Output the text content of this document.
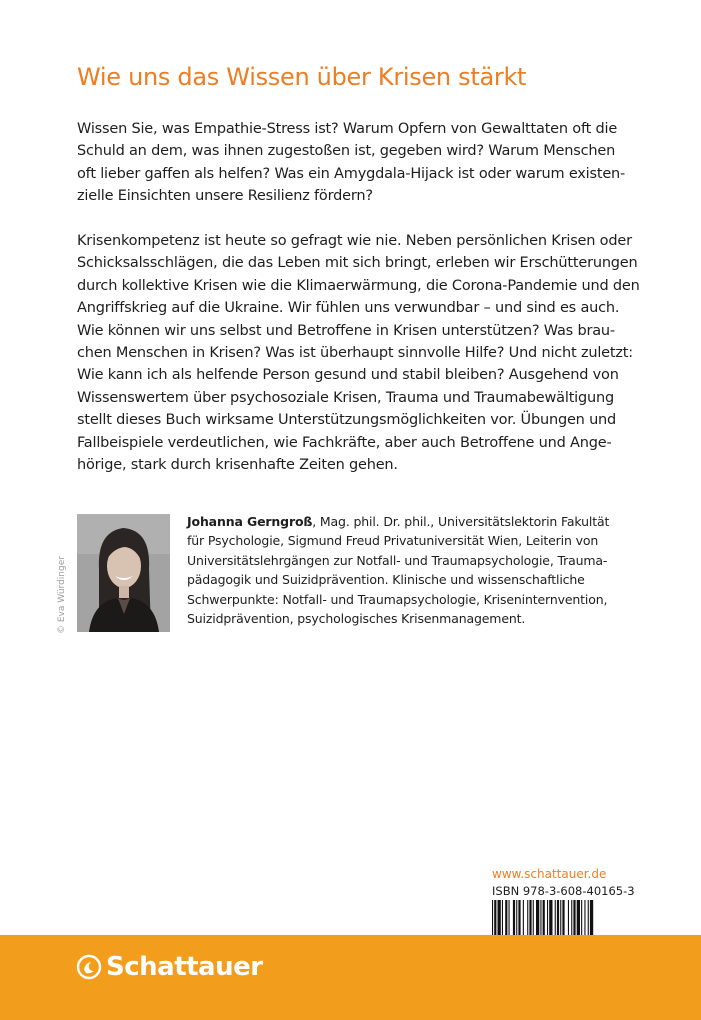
Wie uns das Wissen über Krisen stärkt

Wissen Sie, was Empathie-Stress ist? Warum Opfern von Gewalttaten oft die
Schuld an dem, was ihnen zugestoßen ist, gegeben wird? Warum Menschen
oft lieber gaffen als helfen? Was ein Amygdala-Hijack ist oder warum existen-
zielle Einsichten unsere Resilienz fördern?

Krisenkompetenz ist heute so gefragt wie nie. Neben persönlichen Krisen oder
Schicksalsschlägen, die das Leben mit sich bringt, erleben wir Erschütterungen
durch kollektive Krisen wie die Klimaerwärmung, die Corona-Pandemie und den
Angriffskrieg auf die Ukraine. Wir fühlen uns verwundbar – und sind es auch.
Wie können wir uns selbst und Betroffene in Krisen unterstützen? Was brau-
chen Menschen in Krisen? Was ist überhaupt sinnvolle Hilfe? Und nicht zuletzt:
Wie kann ich als helfende Person gesund und stabil bleiben? Ausgehend von
Wissenswertem über psychosoziale Krisen, Trauma und Traumabewältigung
stellt dieses Buch wirksame Unterstützungsmöglichkeiten vor. Übungen und
Fallbeispiele verdeutlichen, wie Fachkräfte, aber auch Betroffene und Ange-
hörige, stark durch krisenhafte Zeiten gehen.

© Eva Würdinger
Johanna Gerngroß, Mag. phil. Dr. phil., Universitätslektorin Fakultät
für Psychologie, Sigmund Freud Privatuniversität Wien, Leiterin von
Universitätslehrgängen zur Notfall- und Traumapsychologie, Trauma-
pädagogik und Suizidprävention. Klinische und wissenschaftliche
Schwerpunkte: Notfall- und Traumapsychologie, Kriseninternvention,
Suizidprävention, psychologisches Krisenmanagement.
www.schattauer.de
ISBN 978-3-608-40165-3
Schattauer
